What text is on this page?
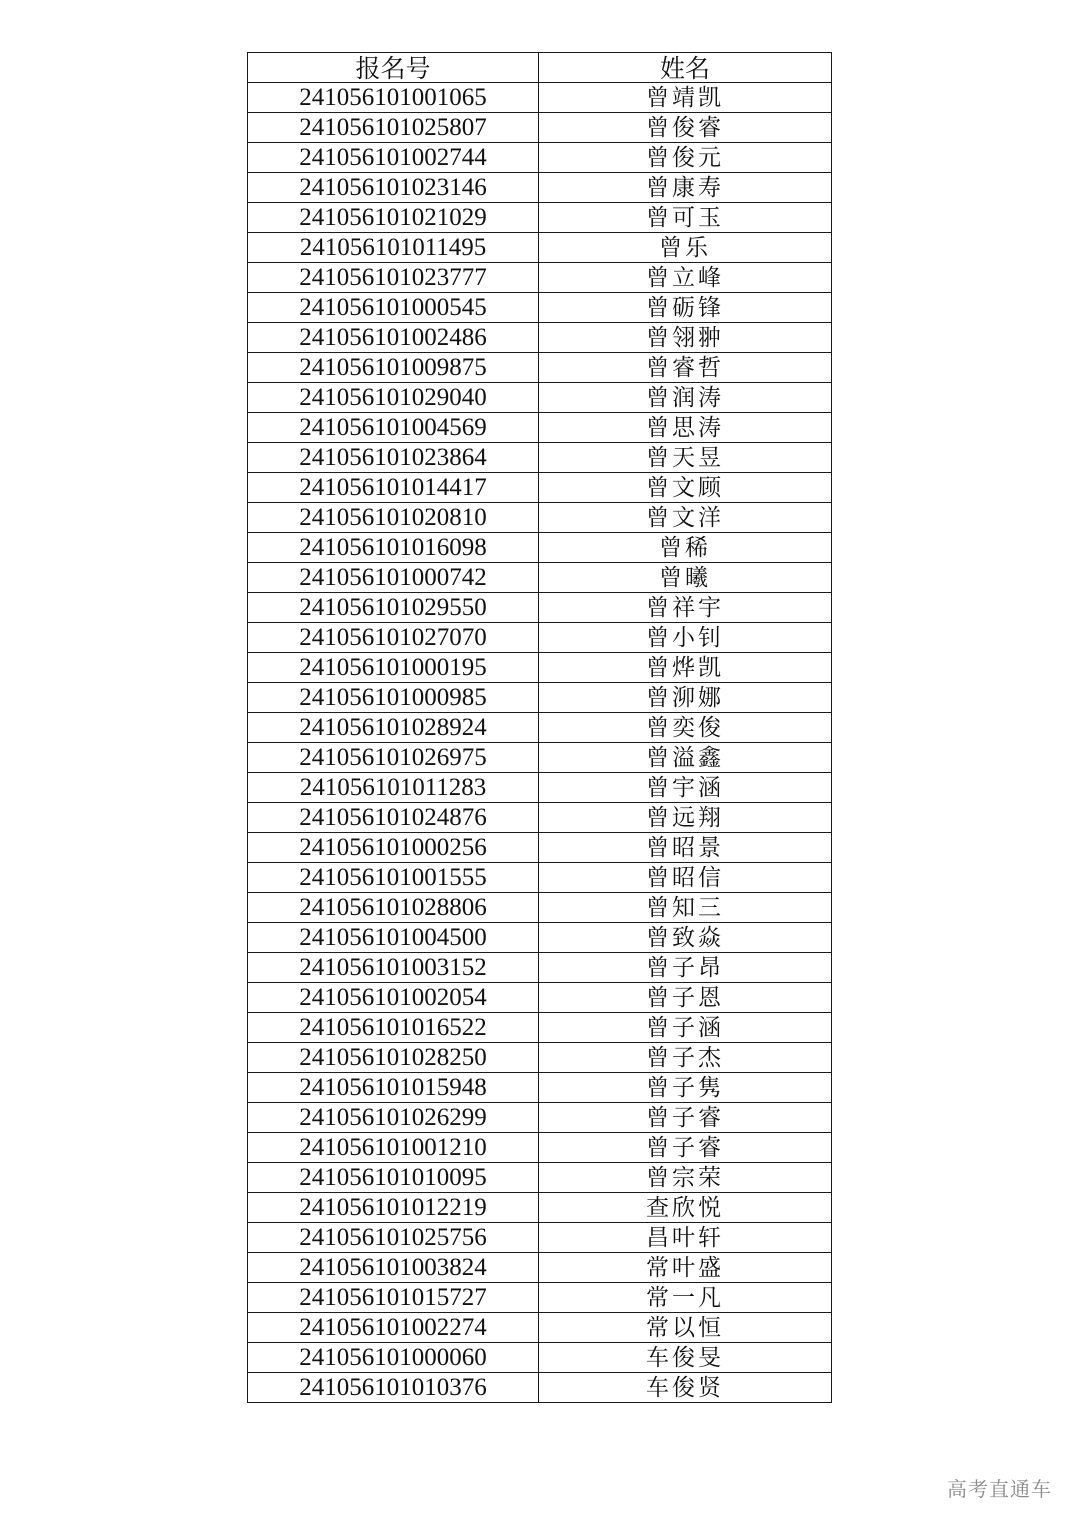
报名号	姓名
241056101001065	曾靖凯
241056101025807	曾俊睿
241056101002744	曾俊元
241056101023146	曾康寿
241056101021029	曾可玉
241056101011495	曾乐
241056101023777	曾立峰
241056101000545	曾砺锋
241056101002486	曾翎翀
241056101009875	曾睿哲
241056101029040	曾润涛
241056101004569	曾思涛
241056101023864	曾天昱
241056101014417	曾文顾
241056101020810	曾文洋
241056101016098	曾稀
241056101000742	曾曦
241056101029550	曾祥宇
241056101027070	曾小钊
241056101000195	曾烨凯
241056101000985	曾泖娜
241056101028924	曾奕俊
241056101026975	曾溢鑫
241056101011283	曾宇涵
241056101024876	曾远翔
241056101000256	曾昭景
241056101001555	曾昭信
241056101028806	曾知三
241056101004500	曾致焱
241056101003152	曾子昂
241056101002054	曾子恩
241056101016522	曾子涵
241056101028250	曾子杰
241056101015948	曾子隽
241056101026299	曾子睿
241056101001210	曾子睿
241056101010095	曾宗荣
241056101012219	查欣悦
241056101025756	昌叶轩
241056101003824	常叶盛
241056101015727	常一凡
241056101002274	常以恒
241056101000060	车俊旻
241056101010376	车俊贤
高考直通车
